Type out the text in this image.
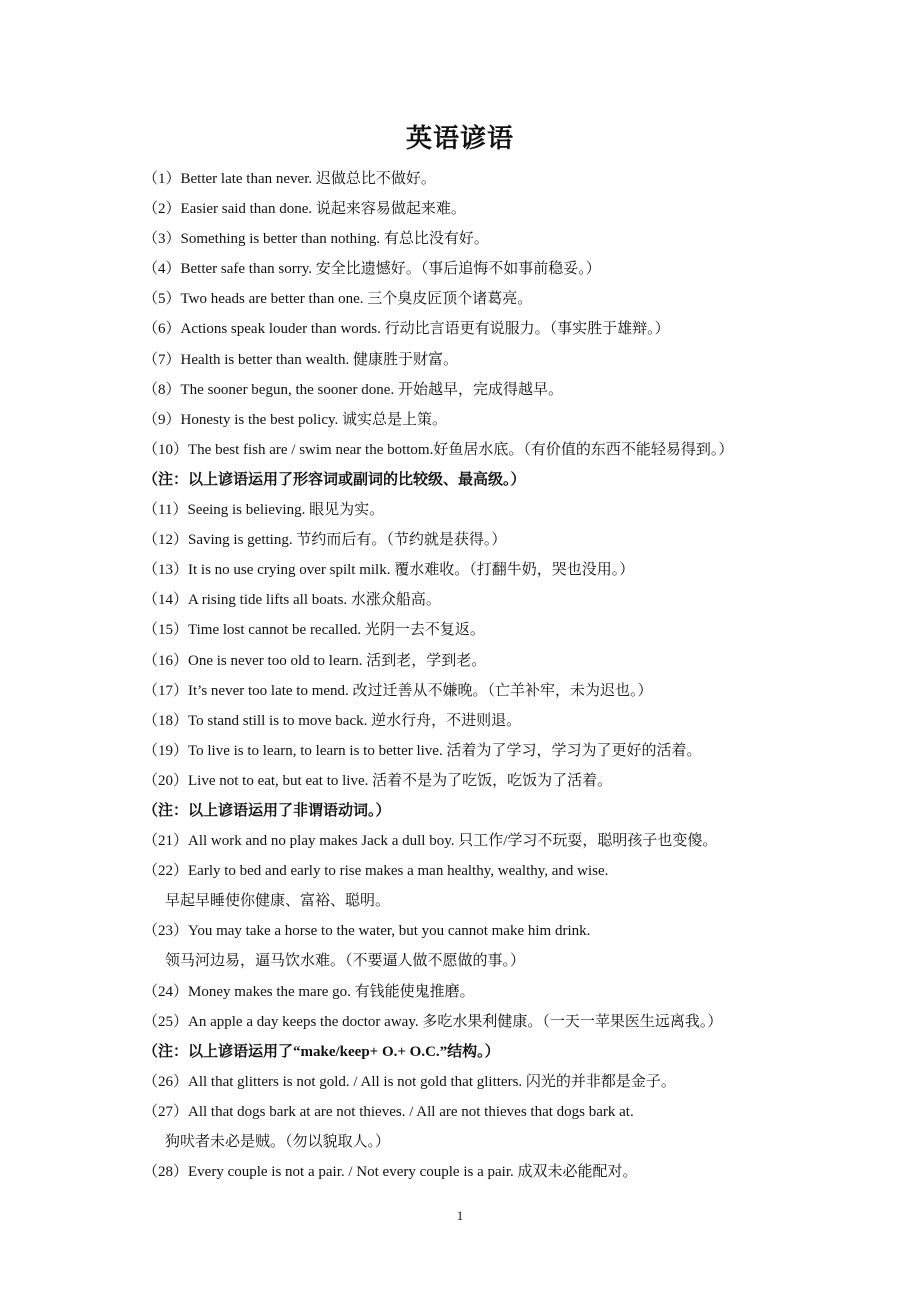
英语谚语
（1）Better late than never. 迟做总比不做好。
（2）Easier said than done. 说起来容易做起来难。
（3）Something is better than nothing. 有总比没有好。
（4）Better safe than sorry. 安全比遗憾好。（事后追悔不如事前稳妥。）
（5）Two heads are better than one. 三个臭皮匠顶个诸葛亮。
（6）Actions speak louder than words. 行动比言语更有说服力。（事实胜于雄辩。）
（7）Health is better than wealth. 健康胜于财富。
（8）The sooner begun, the sooner done. 开始越早，完成得越早。
（9）Honesty is the best policy. 诚实总是上策。
（10）The best fish are / swim near the bottom.好鱼居水底。（有价值的东西不能轻易得到。）
（注：以上谚语运用了形容词或副词的比较级、最高级。）
（11）Seeing is believing. 眼见为实。
（12）Saving is getting. 节约而后有。（节约就是获得。）
（13）It is no use crying over spilt milk. 覆水难收。（打翻牛奶，哭也没用。）
（14）A rising tide lifts all boats. 水涨众船高。
（15）Time lost cannot be recalled. 光阴一去不复返。
（16）One is never too old to learn. 活到老，学到老。
（17）It’s never too late to mend. 改过迁善从不嫌晚。（亡羊补牢，未为迟也。）
（18）To stand still is to move back. 逆水行舟，不进则退。
（19）To live is to learn, to learn is to better live. 活着为了学习，学习为了更好的活着。
（20）Live not to eat, but eat to live. 活着不是为了吃饭，吃饭为了活着。
（注：以上谚语运用了非谓语动词。）
（21）All work and no play makes Jack a dull boy. 只工作/学习不玩耍，聪明孩子也变傻。
（22）Early to bed and early to rise makes a man healthy, wealthy, and wise.
早起早睡使你健康、富裕、聪明。
（23）You may take a horse to the water, but you cannot make him drink.
领马河边易，逼马饮水难。（不要逼人做不愿做的事。）
（24）Money makes the mare go. 有钱能使鬼推磨。
（25）An apple a day keeps the doctor away. 多吃水果利健康。（一天一苹果医生远离我。）
（注：以上谚语运用了“make/keep+ O.+ O.C.”结构。）
（26）All that glitters is not gold. / All is not gold that glitters. 闪光的并非都是金子。
（27）All that dogs bark at are not thieves. / All are not thieves that dogs bark at.
狗吠者未必是贼。（勿以貌取人。）
（28）Every couple is not a pair. / Not every couple is a pair. 成双未必能配对。
1
